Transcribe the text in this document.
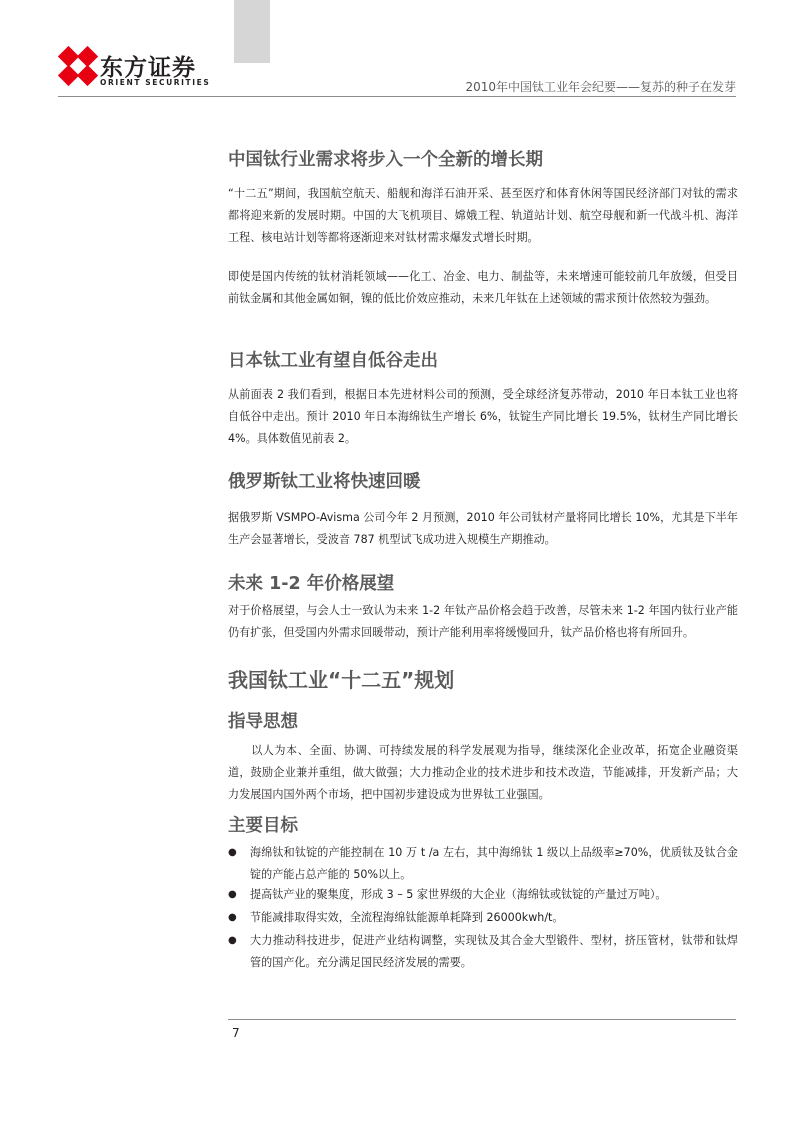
东方证券
ORIENT SECURITIES	2010年中国钛工业年会纪要——复苏的种子在发芽
中国钛行业需求将步入一个全新的增长期

“十二五”期间，我国航空航天、船舰和海洋石油开采、甚至医疗和体育休闲等国民经济部门对钛的需求都将迎来新的发展时期。中国的大飞机项目、嫦娥工程、轨道站计划、航空母舰和新一代战斗机、海洋工程、核电站计划等都将逐渐迎来对钛材需求爆发式增长时期。

即使是国内传统的钛材消耗领域——化工、冶金、电力、制盐等，未来增速可能较前几年放缓，但受目前钛金属和其他金属如铜，镍的低比价效应推动，未来几年钛在上述领域的需求预计依然较为强劲。

日本钛工业有望自低谷走出

从前面表 2 我们看到，根据日本先进材料公司的预测，受全球经济复苏带动，2010 年日本钛工业也将自低谷中走出。预计 2010 年日本海绵钛生产增长 6%，钛锭生产同比增长 19.5%，钛材生产同比增长 4%。具体数值见前表 2。

俄罗斯钛工业将快速回暖

据俄罗斯 VSMPO-Avisma 公司今年 2 月预测，2010 年公司钛材产量将同比增长 10%，尤其是下半年生产会显著增长，受波音 787 机型试飞成功进入规模生产期推动。

未来 1-2 年价格展望

对于价格展望，与会人士一致认为未来 1-2 年钛产品价格会趋于改善，尽管未来 1-2 年国内钛行业产能仍有扩张，但受国内外需求回暖带动，预计产能利用率将缓慢回升，钛产品价格也将有所回升。

我国钛工业“十二五”规划
指导思想

　　以人为本、全面、协调、可持续发展的科学发展观为指导，继续深化企业改革，拓宽企业融资渠道，鼓励企业兼并重组，做大做强；大力推动企业的技术进步和技术改造，节能减排，开发新产品；大力发展国内国外两个市场，把中国初步建设成为世界钛工业强国。

主要目标
● 海绵钛和钛锭的产能控制在 10 万 t /a 左右，其中海绵钛 1 级以上品级率≥70%，优质钛及钛合金锭的产能占总产能的 50%以上。
● 提高钛产业的聚集度，形成 3 – 5 家世界级的大企业（海绵钛或钛锭的产量过万吨）。
● 节能减排取得实效，全流程海绵钛能源单耗降到 26000kwh/t。
● 大力推动科技进步，促进产业结构调整，实现钛及其合金大型锻件、型材，挤压管材，钛带和钛焊管的国产化。充分满足国民经济发展的需要。
7
